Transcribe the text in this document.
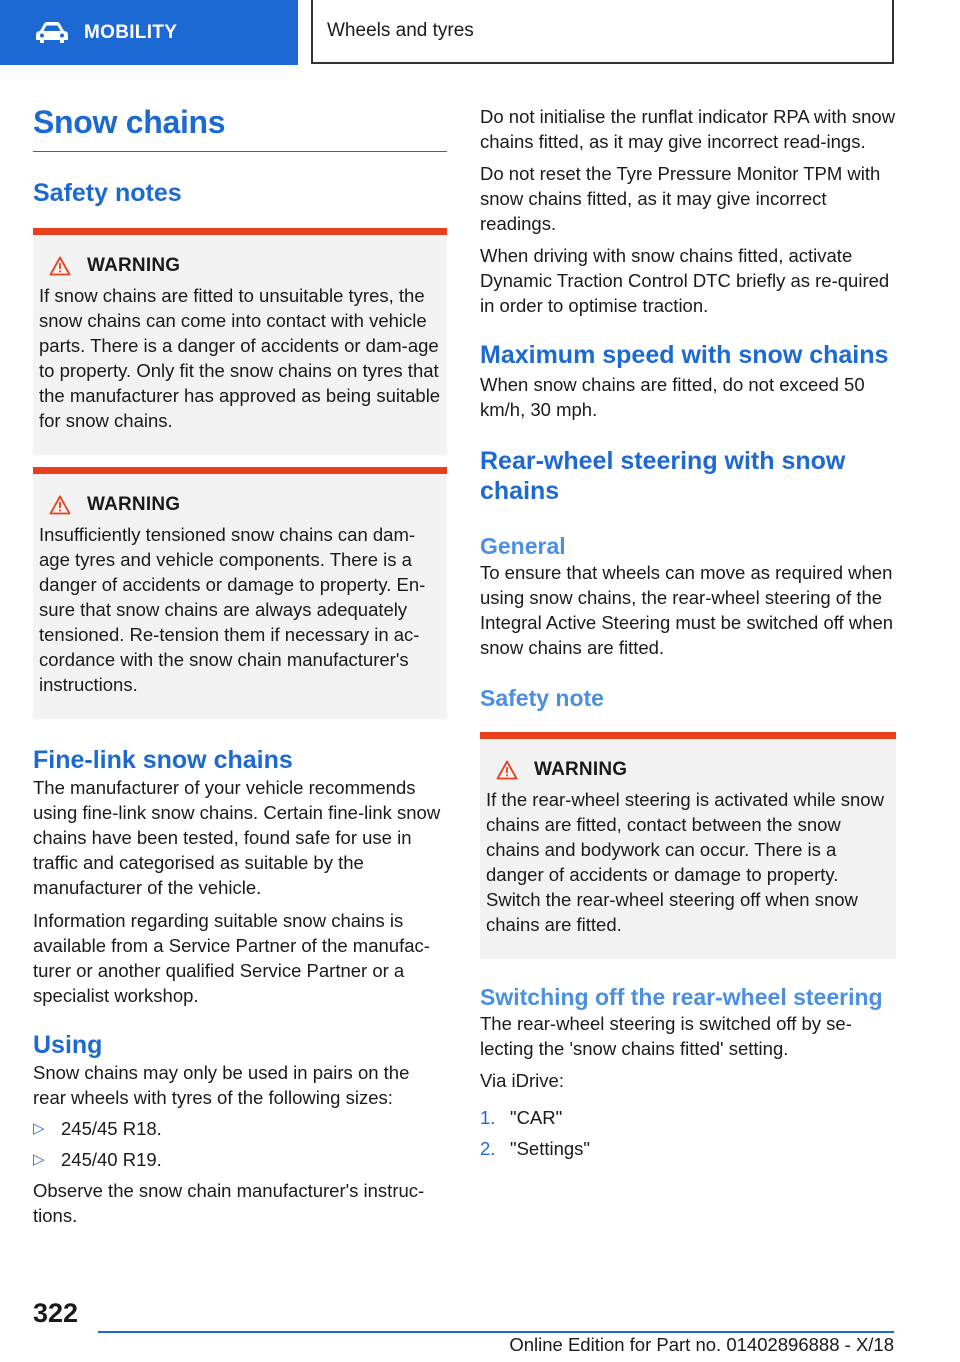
MOBILITY	Wheels and tyres
Snow chains
Safety notes
WARNING

If snow chains are fitted to unsuitable tyres, the snow chains can come into contact with vehicle parts. There is a danger of accidents or dam-age to property. Only fit the snow chains on tyres that the manufacturer has approved as being suitable for snow chains.

WARNING

Insufficiently tensioned snow chains can dam-age tyres and vehicle components. There is a danger of accidents or damage to property. En-sure that snow chains are always adequately tensioned. Re-tension them if necessary in ac-cordance with the snow chain manufacturer's instructions.

Fine-link snow chains

The manufacturer of your vehicle recommends using fine-link snow chains. Certain fine-link snow chains have been tested, found safe for use in traffic and categorised as suitable by the manufacturer of the vehicle.

Information regarding suitable snow chains is available from a Service Partner of the manufac-turer or another qualified Service Partner or a specialist workshop.

Using

Snow chains may only be used in pairs on the rear wheels with tyres of the following sizes:

▷ 245/45 R18.
▷ 245/40 R19.

Observe the snow chain manufacturer's instruc-tions.

Do not initialise the runflat indicator RPA with snow chains fitted, as it may give incorrect read-ings.

Do not reset the Tyre Pressure Monitor TPM with snow chains fitted, as it may give incorrect readings.

When driving with snow chains fitted, activate Dynamic Traction Control DTC briefly as re-quired in order to optimise traction.

Maximum speed with snow chains

When snow chains are fitted, do not exceed 50 km/h, 30 mph.

Rear-wheel steering with snow chains
General

To ensure that wheels can move as required when using snow chains, the rear-wheel steering of the Integral Active Steering must be switched off when snow chains are fitted.

Safety note
WARNING

If the rear-wheel steering is activated while snow chains are fitted, contact between the snow chains and bodywork can occur. There is a danger of accidents or damage to property. Switch the rear-wheel steering off when snow chains are fitted.

Switching off the rear-wheel steering

The rear-wheel steering is switched off by se-lecting the 'snow chains fitted' setting.

Via iDrive:

1. "CAR"
2. "Settings"
322
Online Edition for Part no. 01402896888 - X/18
